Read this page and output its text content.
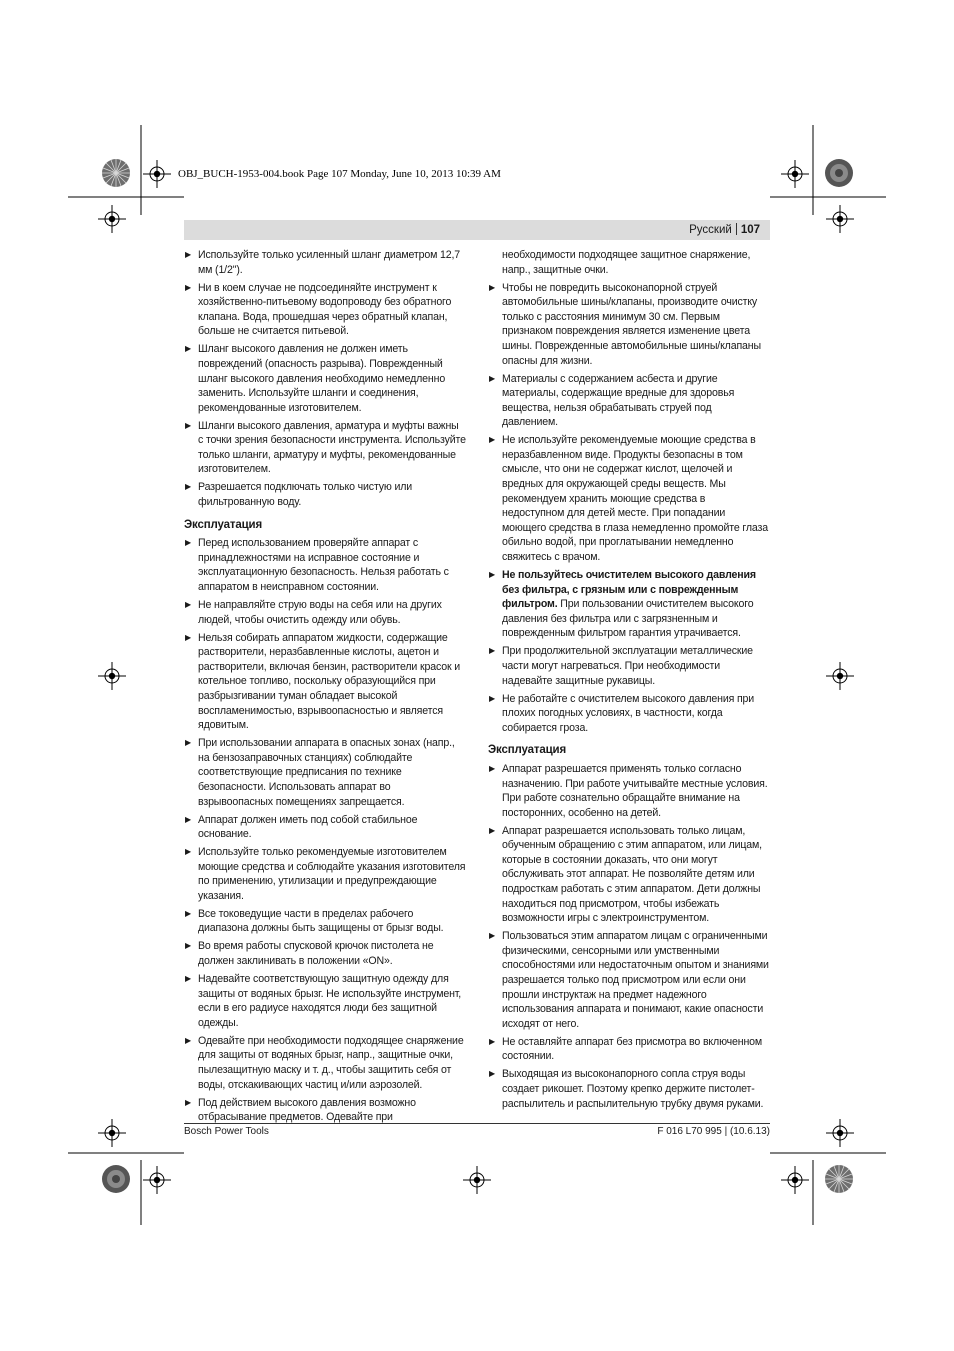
OBJ_BUCH-1953-004.book Page 107 Monday, June 10, 2013 10:39 AM
Русский 107
▶ Используйте только усиленный шланг диаметром 12,7 мм (1/2").
▶ Ни в коем случае не подсоединяйте инструмент к хозяйственно-питьевому водопроводу без обратного клапана. Вода, прошедшая через обратный клапан, больше не считается питьевой.
▶ Шланг высокого давления не должен иметь повреждений (опасность разрыва). Поврежденный шланг высокого давления необходимо немедленно заменить. Используйте шланги и соединения, рекомендованные изготовителем.
▶ Шланги высокого давления, арматура и муфты важны с точки зрения безопасности инструмента. Используйте только шланги, арматуру и муфты, рекомендованные изготовителем.
▶ Разрешается подключать только чистую или фильтрованную воду.
Эксплуатация
▶ Перед использованием проверяйте аппарат с принадлежностями на исправное состояние и эксплуатационную безопасность. Нельзя работать с аппаратом в неисправном состоянии.
▶ Не направляйте струю воды на себя или на других людей, чтобы очистить одежду или обувь.
▶ Нельзя собирать аппаратом жидкости, содержащие растворители, неразбавленные кислоты, ацетон и растворители, включая бензин, растворители красок и котельное топливо, поскольку образующийся при разбрызгивании туман обладает высокой воспламенимостью, взрывоопасностью и является ядовитым.
▶ При использовании аппарата в опасных зонах (напр., на бензозаправочных станциях) соблюдайте соответствующие предписания по технике безопасности. Использовать аппарат во взрывоопасных помещениях запрещается.
▶ Аппарат должен иметь под собой стабильное основание.
▶ Используйте только рекомендуемые изготовителем моющие средства и соблюдайте указания изготовителя по применению, утилизации и предупреждающие указания.
▶ Все токоведущие части в пределах рабочего диапазона должны быть защищены от брызг воды.
▶ Во время работы спусковой крючок пистолета не должен заклинивать в положении «ON».
▶ Надевайте соответствующую защитную одежду для защиты от водяных брызг. Не используйте инструмент, если в его радиусе находятся люди без защитной одежды.
▶ Одевайте при необходимости подходящее снаряжение для защиты от водяных брызг, напр., защитные очки, пылезащитную маску и т. д., чтобы защитить себя от воды, отскакивающих частиц и/или аэрозолей.
▶ Под действием высокого давления возможно отбрасывание предметов. Одевайте при
необходимости подходящее защитное снаряжение, напр., защитные очки.
▶ Чтобы не повредить высоконапорной струей автомобильные шины/клапаны, производите очистку только с расстояния минимум 30 см. Первым признаком повреждения является изменение цвета шины. Поврежденные автомобильные шины/клапаны опасны для жизни.
▶ Материалы с содержанием асбеста и другие материалы, содержащие вредные для здоровья вещества, нельзя обрабатывать струей под давлением.
▶ Не используйте рекомендуемые моющие средства в неразбавленном виде. Продукты безопасны в том смысле, что они не содержат кислот, щелочей и вредных для окружающей среды веществ. Мы рекомендуем хранить моющие средства в недоступном для детей месте. При попадании моющего средства в глаза немедленно промойте глаза обильно водой, при проглатывании немедленно свяжитесь с врачом.
▶ Не пользуйтесь очистителем высокого давления без фильтра, с грязным или с поврежденным фильтром. При пользовании очистителем высокого давления без фильтра или с загрязненным и поврежденным фильтром гарантия утрачивается.
▶ При продолжительной эксплуатации металлические части могут нагреваться. При необходимости надевайте защитные рукавицы.
▶ Не работайте с очистителем высокого давления при плохих погодных условиях, в частности, когда собирается гроза.
Эксплуатация
▶ Аппарат разрешается применять только согласно назначению. При работе учитывайте местные условия. При работе сознательно обращайте внимание на посторонних, особенно на детей.
▶ Аппарат разрешается использовать только лицам, обученным обращению с этим аппаратом, или лицам, которые в состоянии доказать, что они могут обслуживать этот аппарат. Не позволяйте детям или подросткам работать с этим аппаратом. Дети должны находиться под присмотром, чтобы избежать возможности игры с электроинструментом.
▶ Пользоваться этим аппаратом лицам с ограниченными физическими, сенсорными или умственными способностями или недостаточным опытом и знаниями разрешается только под присмотром или если они прошли инструктаж на предмет надежного использования аппарата и понимают, какие опасности исходят от него.
▶ Не оставляйте аппарат без присмотра во включенном состоянии.
▶ Выходящая из высоконапорного сопла струя воды создает рикошет. Поэтому крепко держите пистолет-распылитель и распылительную трубку двумя руками.
Bosch Power Tools	F 016 L70 995 | (10.6.13)
